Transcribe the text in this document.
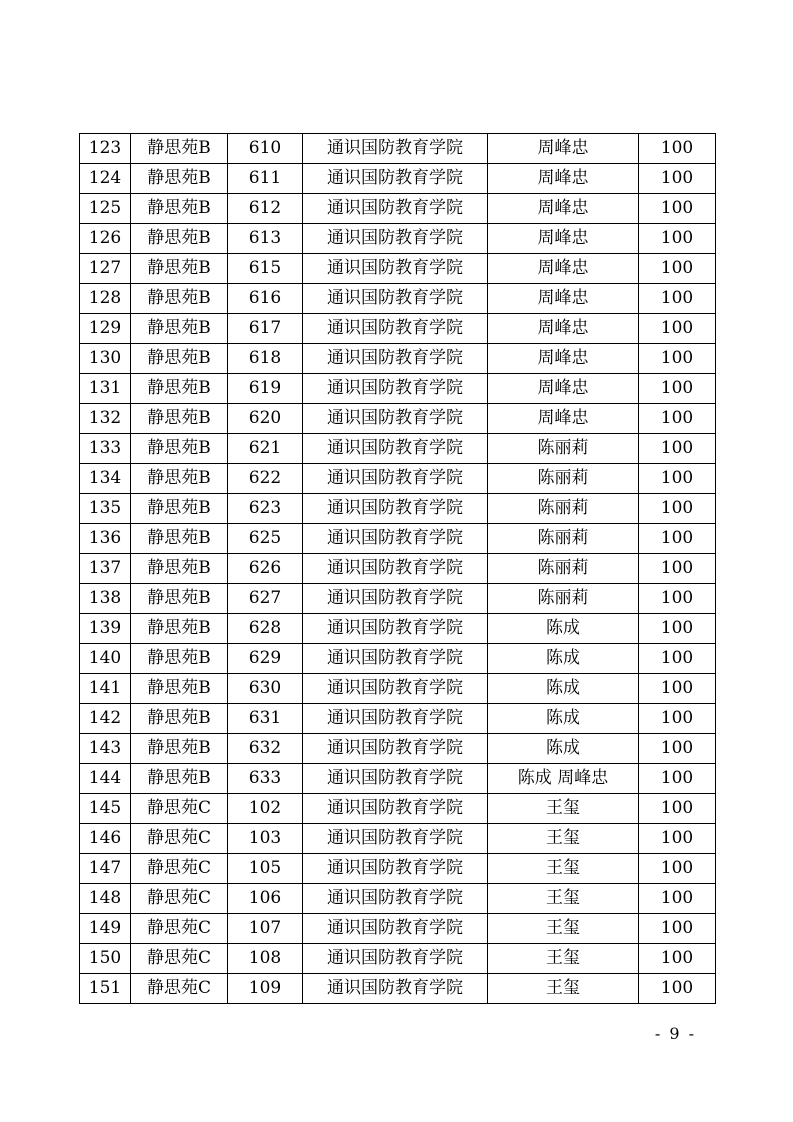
123	静思苑B	610	通识国防教育学院	周峰忠	100
124	静思苑B	611	通识国防教育学院	周峰忠	100
125	静思苑B	612	通识国防教育学院	周峰忠	100
126	静思苑B	613	通识国防教育学院	周峰忠	100
127	静思苑B	615	通识国防教育学院	周峰忠	100
128	静思苑B	616	通识国防教育学院	周峰忠	100
129	静思苑B	617	通识国防教育学院	周峰忠	100
130	静思苑B	618	通识国防教育学院	周峰忠	100
131	静思苑B	619	通识国防教育学院	周峰忠	100
132	静思苑B	620	通识国防教育学院	周峰忠	100
133	静思苑B	621	通识国防教育学院	陈丽莉	100
134	静思苑B	622	通识国防教育学院	陈丽莉	100
135	静思苑B	623	通识国防教育学院	陈丽莉	100
136	静思苑B	625	通识国防教育学院	陈丽莉	100
137	静思苑B	626	通识国防教育学院	陈丽莉	100
138	静思苑B	627	通识国防教育学院	陈丽莉	100
139	静思苑B	628	通识国防教育学院	陈成	100
140	静思苑B	629	通识国防教育学院	陈成	100
141	静思苑B	630	通识国防教育学院	陈成	100
142	静思苑B	631	通识国防教育学院	陈成	100
143	静思苑B	632	通识国防教育学院	陈成	100
144	静思苑B	633	通识国防教育学院	陈成 周峰忠	100
145	静思苑C	102	通识国防教育学院	王玺	100
146	静思苑C	103	通识国防教育学院	王玺	100
147	静思苑C	105	通识国防教育学院	王玺	100
148	静思苑C	106	通识国防教育学院	王玺	100
149	静思苑C	107	通识国防教育学院	王玺	100
150	静思苑C	108	通识国防教育学院	王玺	100
151	静思苑C	109	通识国防教育学院	王玺	100
- 9 -
